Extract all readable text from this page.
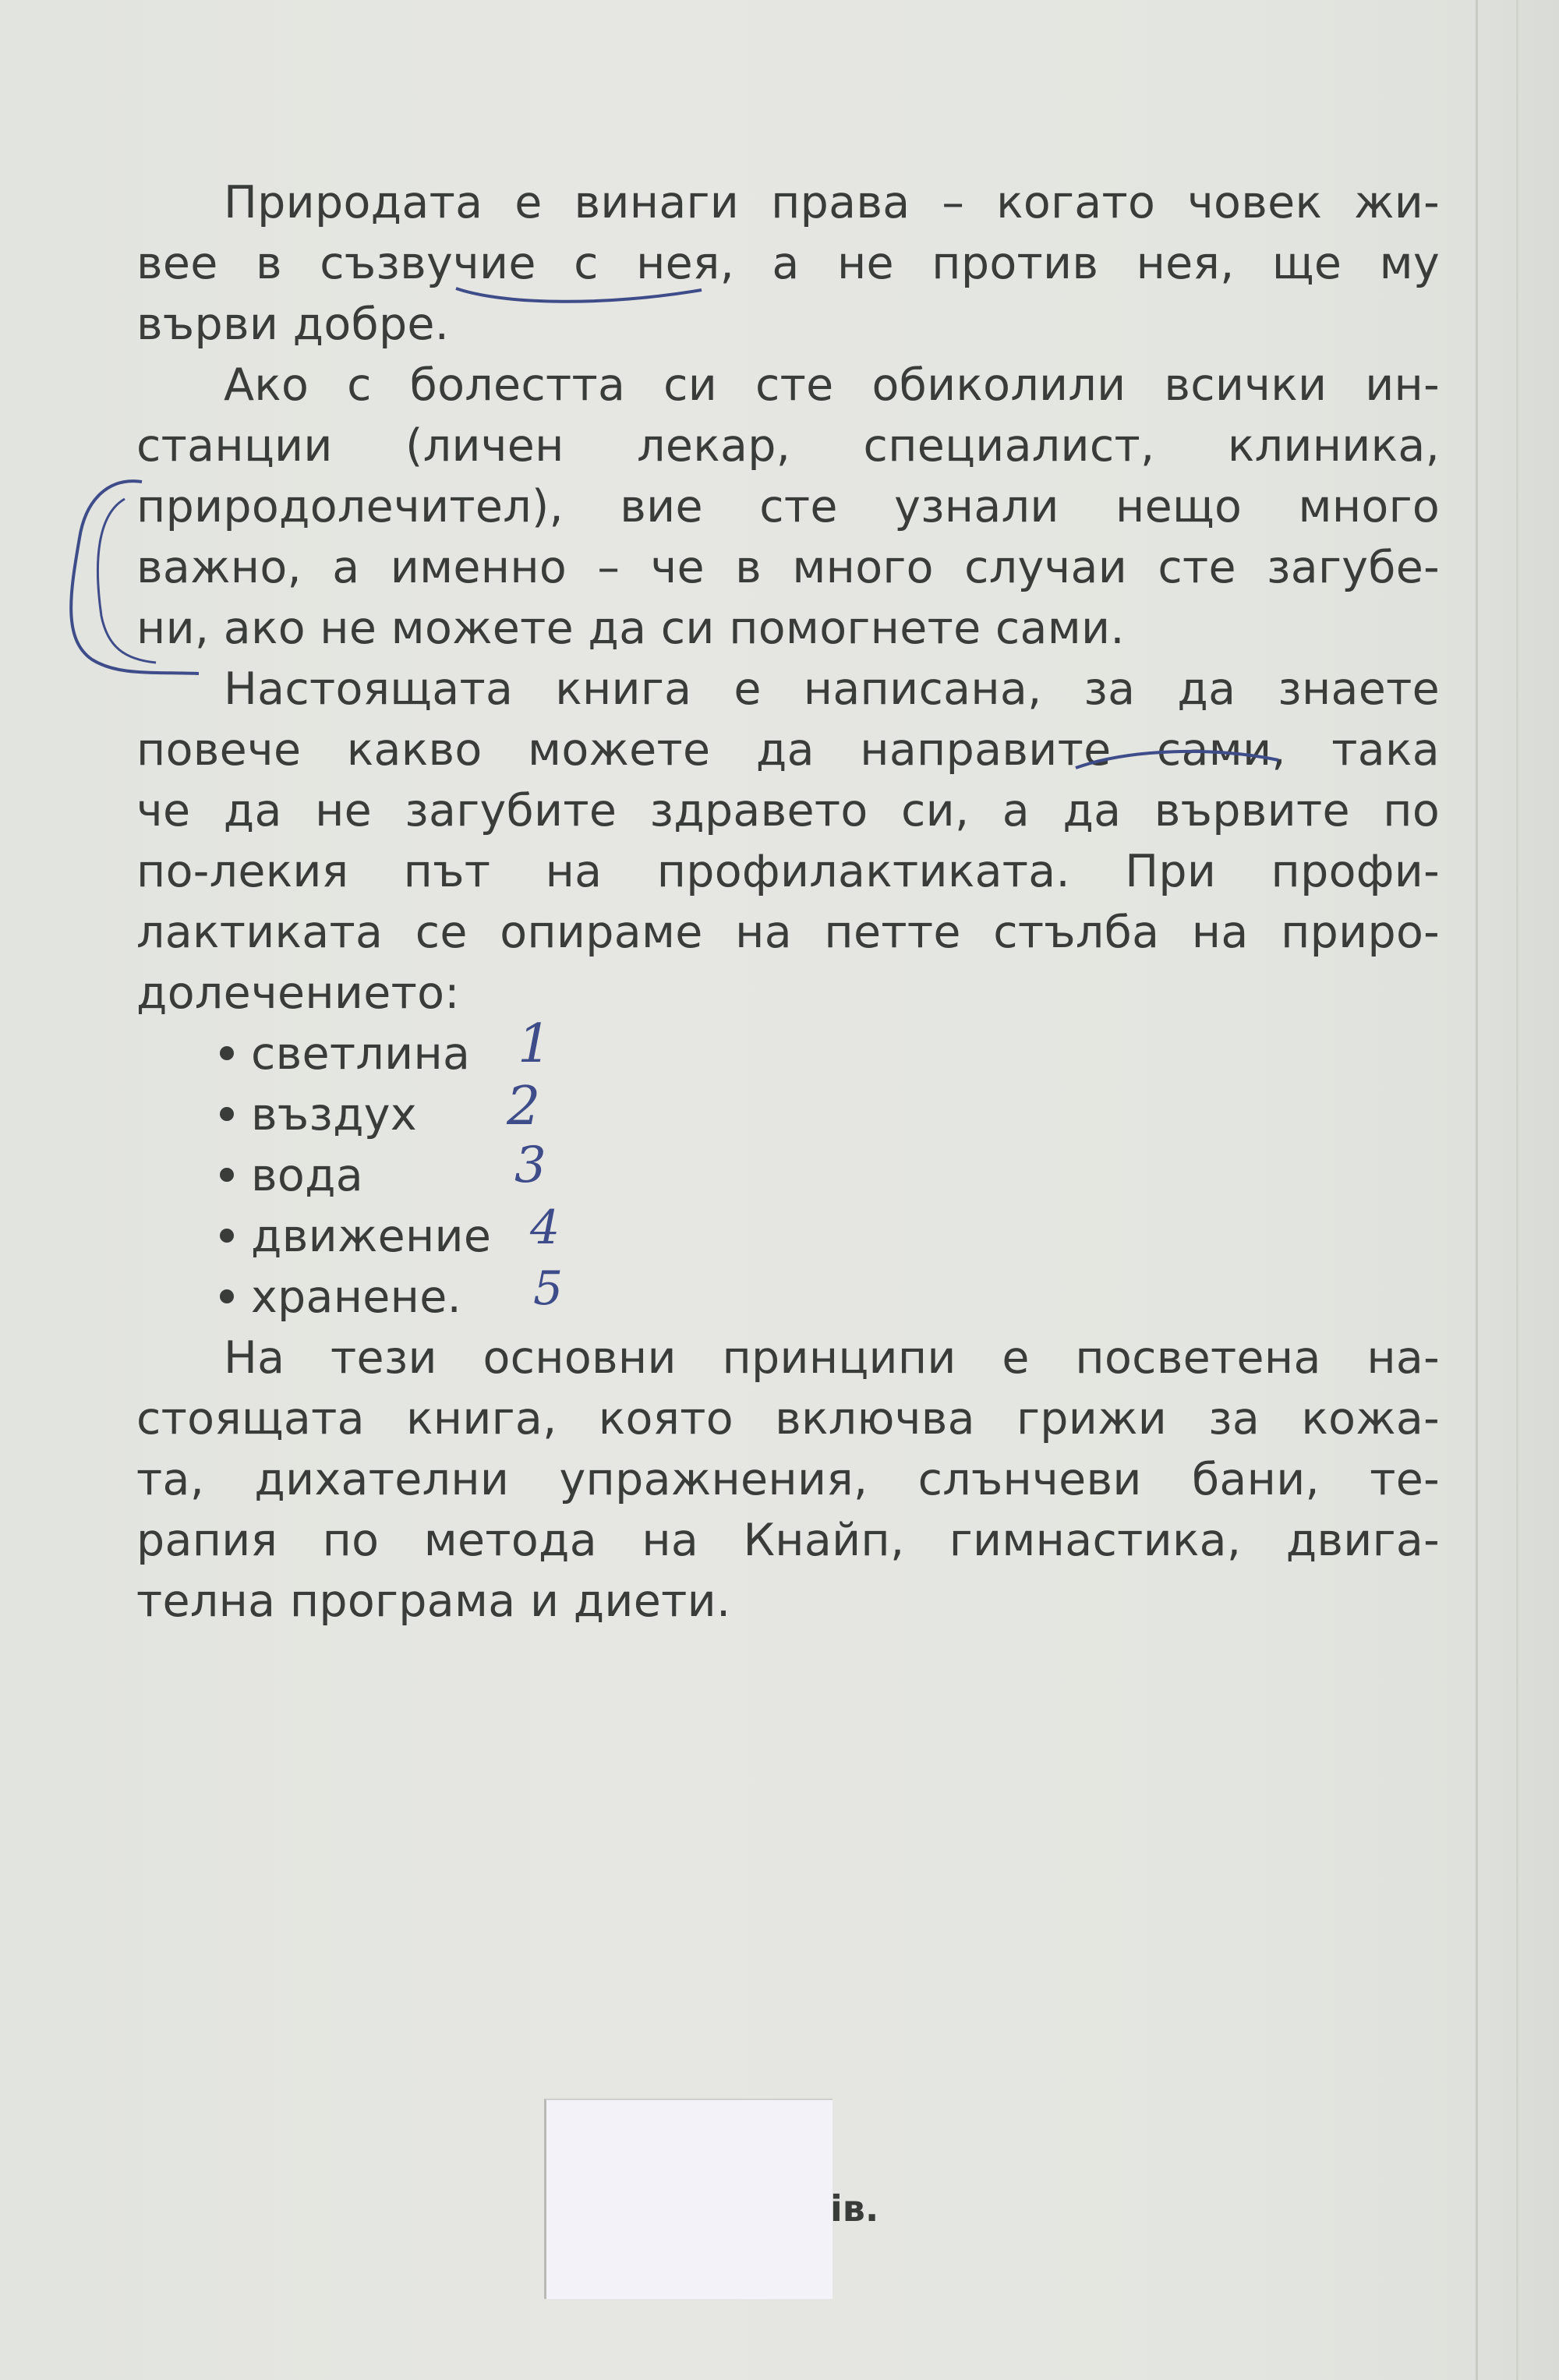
Природата е винаги права – когато човек жи-
вее в съзвучие с нея, а не против нея, ще му
върви добре.
Ако с болестта си сте обиколили всички ин-
станции (личен лекар, специалист, клиника,
природолечител), вие сте узнали нещо много
важно, а именно – че в много случаи сте загубе-
ни, ако не можете да си помогнете сами.
Настоящата книга е написана, за да знаете
повече какво можете да направите сами, така
че да не загубите здравето си, а да вървите по
по-лекия път на профилактиката. При профи-
лактиката се опираме на петте стълба на приро-
долечението:
светлина
въздух
вода
движение
хранене.
На тези основни принципи е посветена на-
стоящата книга, която включва грижи за кожа-
та, дихателни упражнения, слънчеви бани, те-
рапия по метода на Кнайп, гимнастика, двига-
телна програма и диети.
1
2
3
4
5
ів.
